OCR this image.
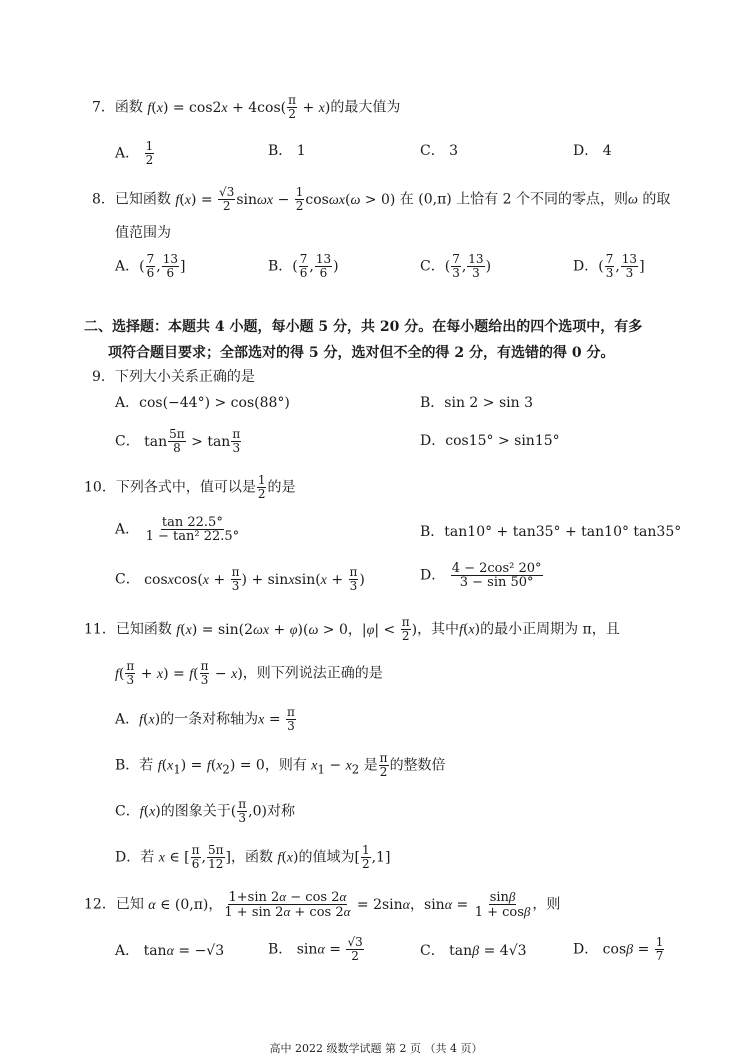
7．函数 $f(x) = \cos 2x + 4\cos( \frac{\pi}{2} + x)$的最大值为
A． $\frac{1}{2}$	B． 1	C． 3	D． 4
8．已知函数 $f(x) = \frac{√3}{2}$ $\sin\omega x - \frac{1}{2} \cos\omega x(\omega > 0)$ 在 (0,π) 上恰有 2 个不同的零点，则ω 的取
值范围为
A．( $\frac{7}{6}$ , $\frac{13}{6}$ ]	B．( $\frac{7}{6}$ , $\frac{13}{6}$ )	C．( $\frac{7}{3}$ , $\frac{13}{3}$ )	D．( $\frac{7}{3}$ , $\frac{13}{3}$ ]
二、选择题：本题共 4 小题，每小题 5 分，共 20 分。在每小题给出的四个选项中，有多
项符合题目要求；全部选对的得 5 分，选对但不全的得 2 分，有选错的得 0 分。
9．下列大小关系正确的是
A．cos(−44°) > cos(88°)	B．sin 2 > sin 3
C． $\tan \frac{5\pi}{8} > \tan \frac{\pi}{3}$	D．cos15° > sin15°
10．下列各式中，值可以是 $\frac{1}{2}$ 的是
A． $\frac{\tan 22.5^\circ}{\text{1 − tan² 22.5°}}$	B．tan10° + tan35° + tan10° tan35°
C． cosxcos(x + $\frac{\pi}{3}$ ) + sinxsin(x + $\frac{\pi}{3}$ )	D． $\frac{\text{4 − 2cos² 20°}}{3 - \sin 50^\circ}$
11．已知函数 f(x) = sin(2ωx + φ)(ω > 0，$|\varphi| < \frac{\pi}{2}$ )，其中f(x)的最小正周期为 π，且
$f( \frac{\pi}{3} + x) = f( \frac{\pi}{3} - x)$，则下列说法正确的是
A．f(x)的一条对称轴为$x = \frac{\pi}{3}$
B．若 $f(x_1) = f(x_2) = 0$，则有 $x_1 - x_2$ 是 $\frac{\pi}{2}$ 的整数倍
C．f(x)的图象关于( $\frac{\pi}{3} ,0$)对称
D．若 x ∈ [ $\frac{\pi}{6}$ , $\frac{5\pi}{12}$ ]，函数 f(x)的值域为[ $\frac{1}{2} ,1$]
12．已知 α ∈ (0,π)， $\frac{1+\sin 2\alpha - \cos 2\alpha}{1 + \sin 2\alpha + \cos 2\alpha} = 2\sin\alpha$，$\sin\alpha = \frac{\sin\beta}{1 + \cos\beta}$ ，则
A． tanα = −√3	B． $\sin\alpha = \frac{√3}{2}$	C． tanβ = 4√3	D． $\cos\beta = \frac{1}{7}$
高中 2022 级数学试题 第 2 页 （共 4 页）
